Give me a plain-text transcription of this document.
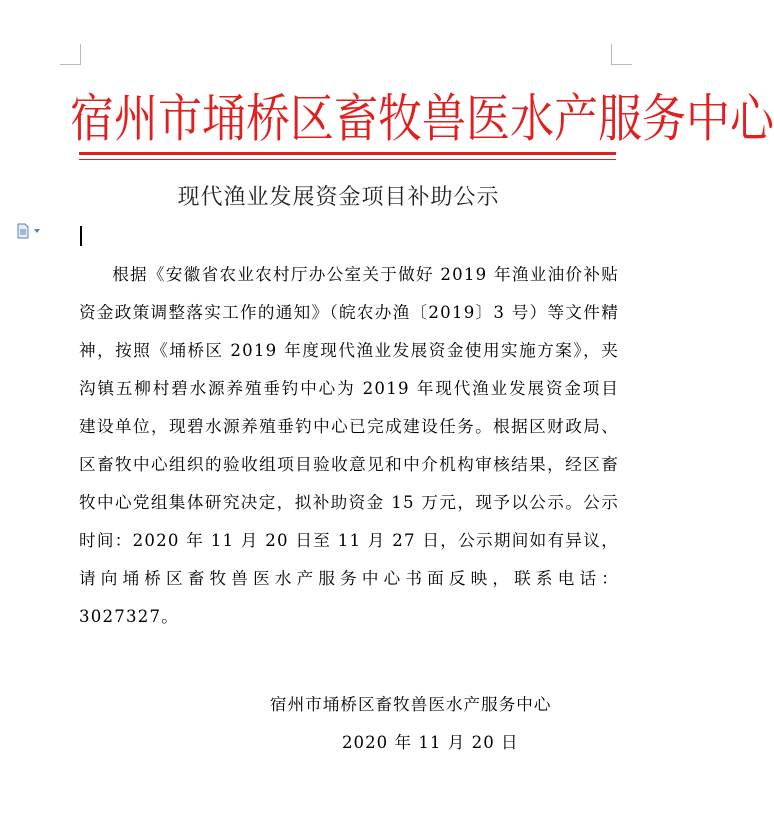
宿州市埇桥区畜牧兽医水产服务中心
现代渔业发展资金项目补助公示
根据《安徽省农业农村厅办公室关于做好 2019 年渔业油价补贴资金政策调整落实工作的通知》（皖农办渔〔2019〕3 号）等文件精神，按照《埇桥区 2019 年度现代渔业发展资金使用实施方案》，夹沟镇五柳村碧水源养殖垂钓中心为 2019 年现代渔业发展资金项目建设单位，现碧水源养殖垂钓中心已完成建设任务。根据区财政局、区畜牧中心组织的验收组项目验收意见和中介机构审核结果，经区畜牧中心党组集体研究决定，拟补助资金 15 万元，现予以公示。公示时间：2020 年 11 月 20 日至 11 月 27 日，公示期间如有异议，请向埇桥区畜牧兽医水产服务中心书面反映，联系电话：3027327。
宿州市埇桥区畜牧兽医水产服务中心
2020 年 11 月 20 日
